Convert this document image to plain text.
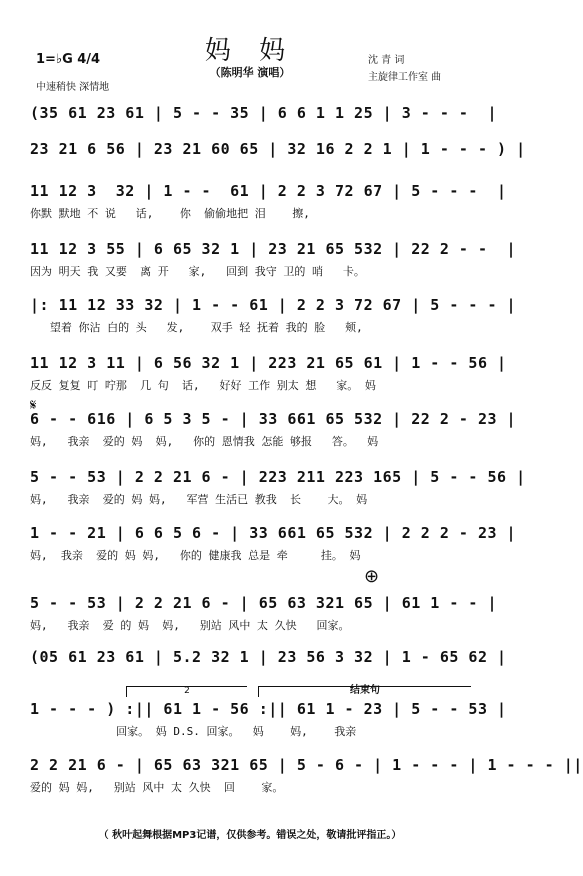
妈 妈
（陈明华 演唱）
1=♭G 4/4
中速稍快 深情地
沈 青 词
主旋律工作室 曲
(35 61 23 61 | 5 - - 35 | 6 6 1 1 25 | 3 - - -  |
23 21 6 56 | 23 21 60 65 | 32 16 2 2 1 | 1 - - - ) |
11 12 3  32 | 1 - -  61 | 2 2 3 72 67 | 5 - - -  |
你默 默地 不 说   话,    你  偷偷地把 泪    擦,
11 12 3 55 | 6 65 32 1 | 23 21 65 532 | 22 2 - -  |
因为 明天 我 又要  离 开   家,   回到 我守 卫的 哨   卡。
|: 11 12 33 32 | 1 - - 61 | 2 2 3 72 67 | 5 - - - |
望着 你沾 白的 头   发,    双手 轻 抚着 我的 脸   颊,
11 12 3 11 | 6 56 32 1 | 223 21 65 61 | 1 - - 56 |
反反 复复 叮 咛那  几 句  话,   好好 工作 别太 想   家。 妈
6 - - 616 | 6 5 3 5 - | 33 661 65 532 | 22 2 - 23 |
妈,   我亲  爱的 妈  妈,   你的 恩情我 怎能 够报   答。  妈
5 - - 53 | 2 2 21 6 - | 223 211 223 165 | 5 - - 56 |
妈,   我亲  爱的 妈 妈,   军营 生活已 教我  长    大。 妈
1 - - 21 | 6 6 5 6 - | 33 661 65 532 | 2 2 2 - 23 |
妈,  我亲  爱的 妈 妈,   你的 健康我 总是 牵     挂。 妈
5 - - 53 | 2 2 21 6 - | 65 63 321 65 | 61 1 - - |
妈,   我亲  爱 的 妈  妈,   别站 风中 太 久快   回家。
(05 61 23 61 | 5.2 32 1 | 23 56 3 32 | 1 - 65 62 |
1 - - - ) :|| 61 1 - 56 :|| 61 1 - 23 | 5 - - 53 |
回家。 妈 D.S. 回家。  妈    妈,    我亲
2 2 21 6 - | 65 63 321 65 | 5 - 6 - | 1 - - - | 1 - - - ||
爱的 妈 妈,   别站 风中 太 久快  回    家。
𝄋
⊕
2	结束句
（ 秋叶起舞根据MP3记谱，仅供参考。错误之处，敬请批评指正。）
